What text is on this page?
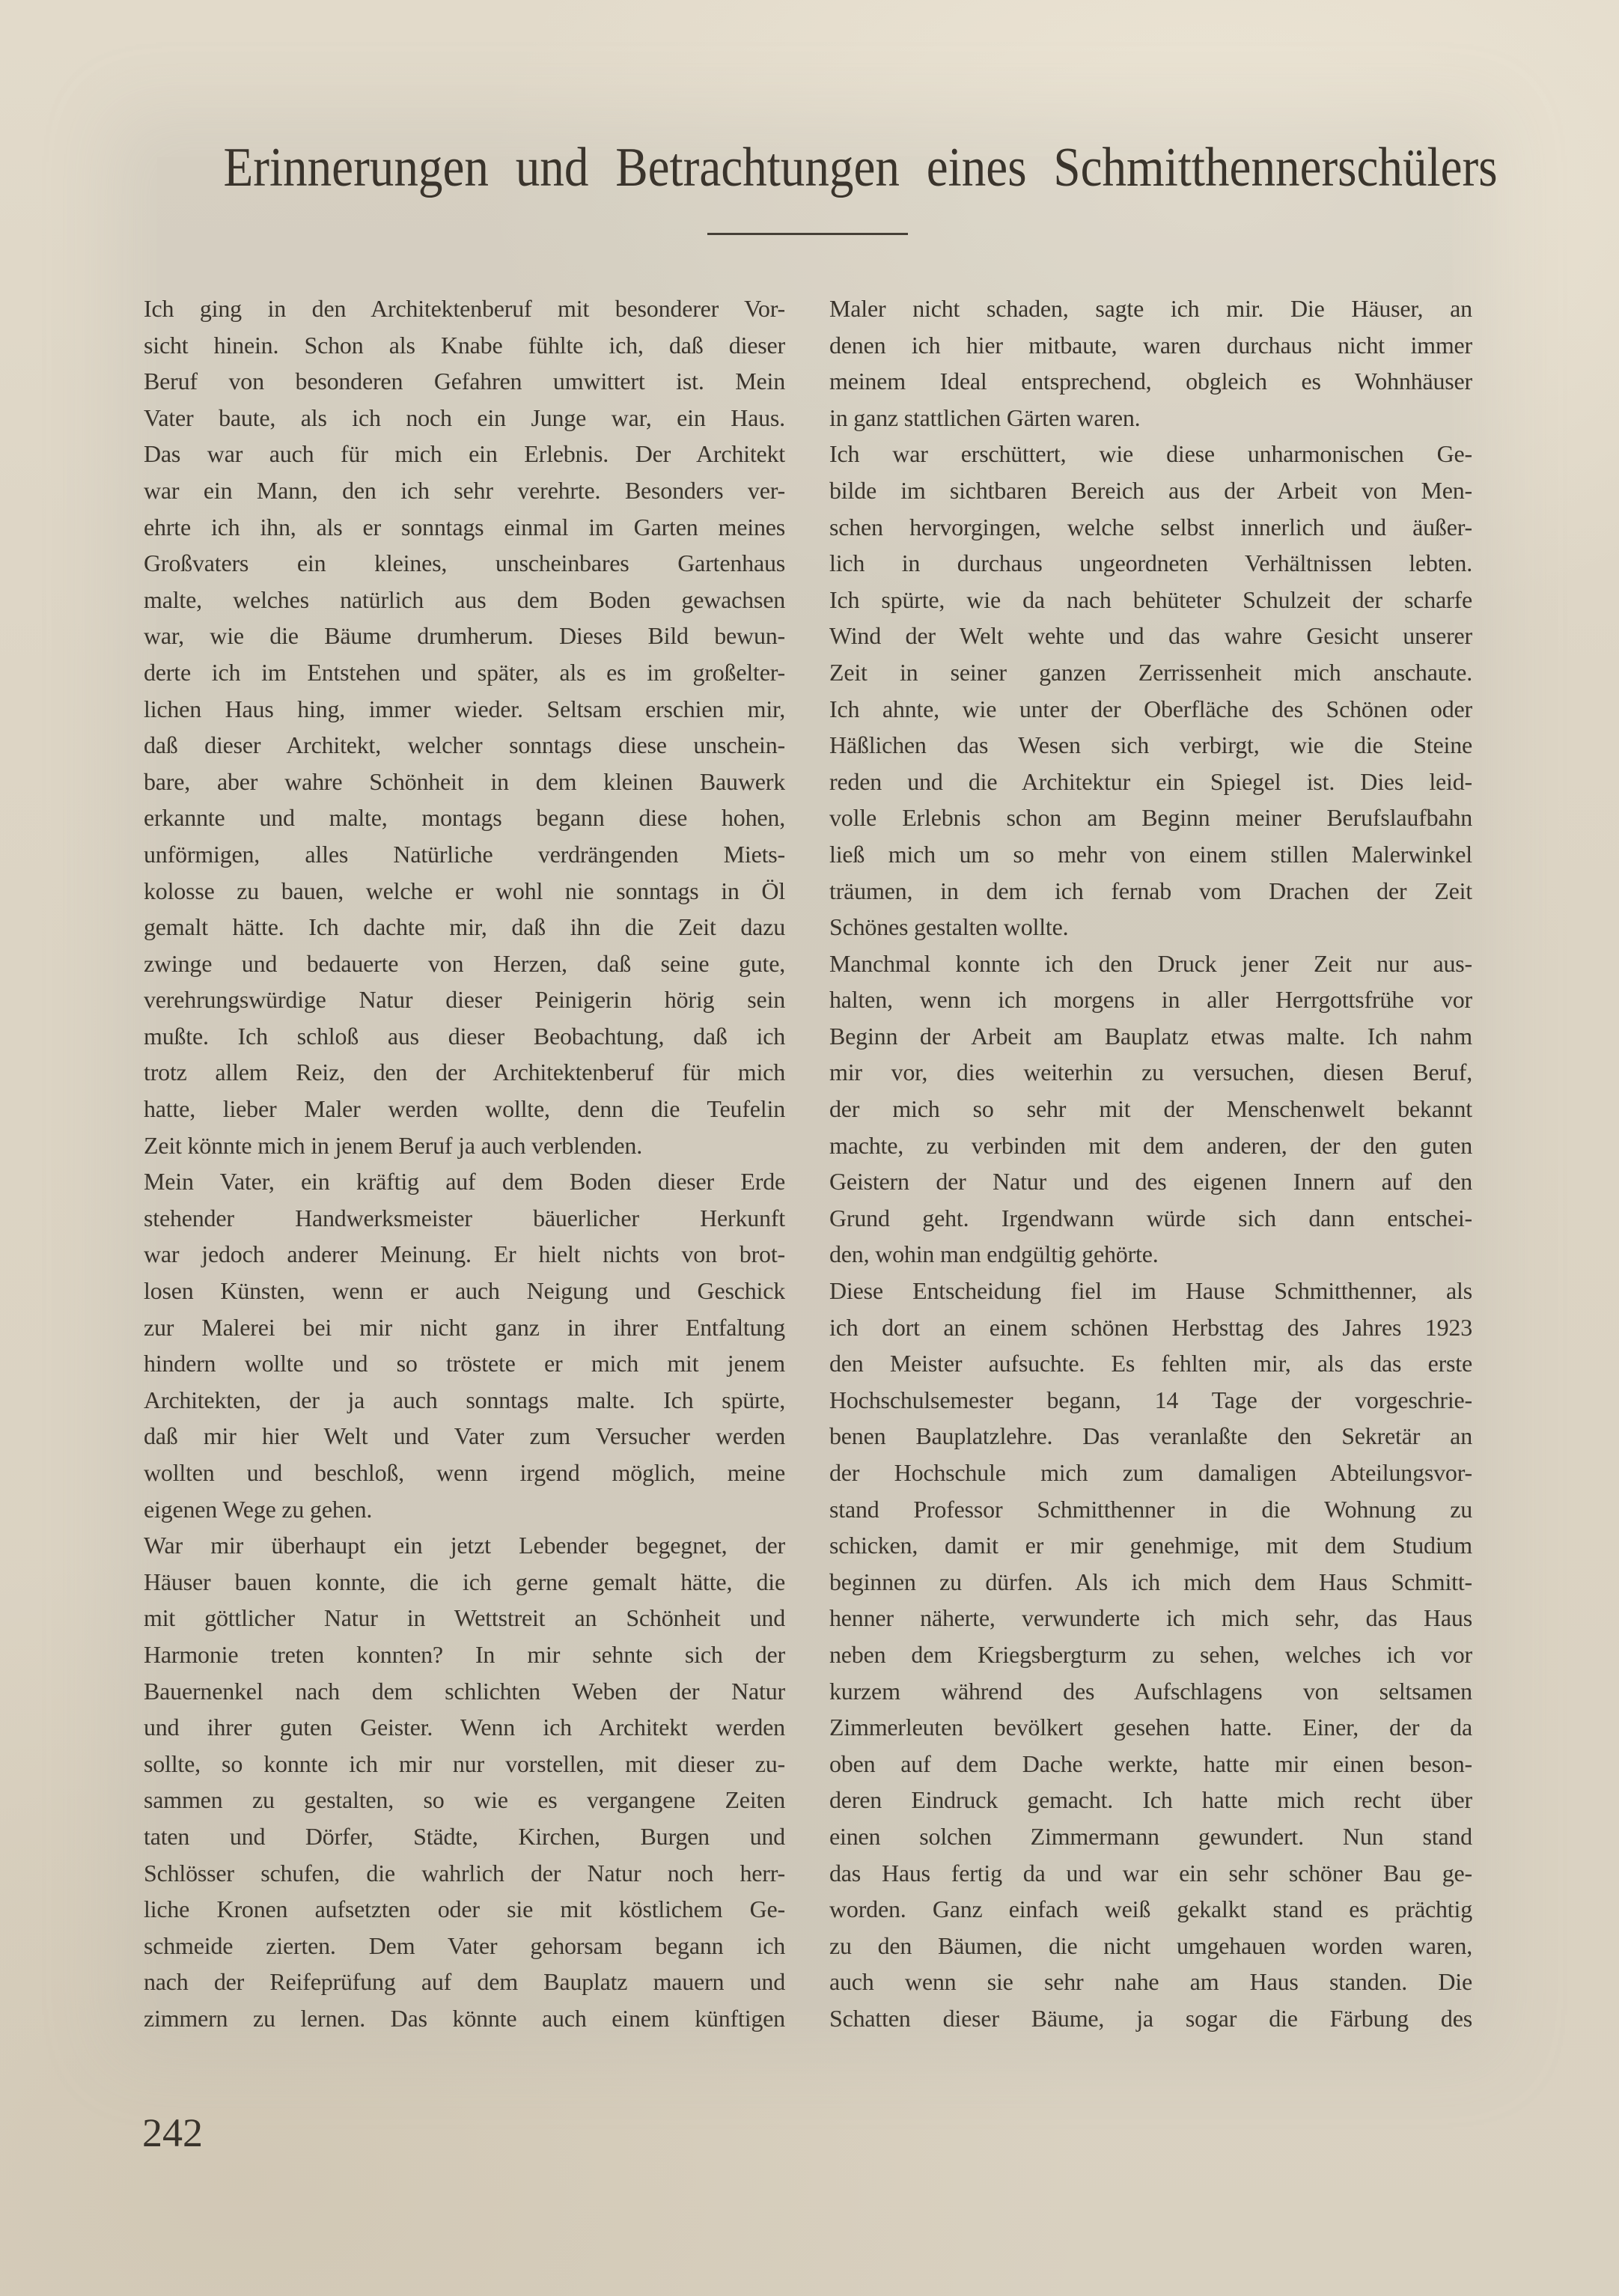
Erinnerungen und Betrachtungen eines Schmitthennerschülers
Ich ging in den Architektenberuf mit besonderer Vor-
sicht hinein. Schon als Knabe fühlte ich, daß dieser
Beruf von besonderen Gefahren umwittert ist. Mein
Vater baute, als ich noch ein Junge war, ein Haus.
Das war auch für mich ein Erlebnis. Der Architekt
war ein Mann, den ich sehr verehrte. Besonders ver-
ehrte ich ihn, als er sonntags einmal im Garten meines
Großvaters ein kleines, unscheinbares Gartenhaus
malte, welches natürlich aus dem Boden gewachsen
war, wie die Bäume drumherum. Dieses Bild bewun-
derte ich im Entstehen und später, als es im großelter-
lichen Haus hing, immer wieder. Seltsam erschien mir,
daß dieser Architekt, welcher sonntags diese unschein-
bare, aber wahre Schönheit in dem kleinen Bauwerk
erkannte und malte, montags begann diese hohen,
unförmigen, alles Natürliche verdrängenden Miets-
kolosse zu bauen, welche er wohl nie sonntags in Öl
gemalt hätte. Ich dachte mir, daß ihn die Zeit dazu
zwinge und bedauerte von Herzen, daß seine gute,
verehrungswürdige Natur dieser Peinigerin hörig sein
mußte. Ich schloß aus dieser Beobachtung, daß ich
trotz allem Reiz, den der Architektenberuf für mich
hatte, lieber Maler werden wollte, denn die Teufelin
Zeit könnte mich in jenem Beruf ja auch verblenden.
Mein Vater, ein kräftig auf dem Boden dieser Erde
stehender Handwerksmeister bäuerlicher Herkunft
war jedoch anderer Meinung. Er hielt nichts von brot-
losen Künsten, wenn er auch Neigung und Geschick
zur Malerei bei mir nicht ganz in ihrer Entfaltung
hindern wollte und so tröstete er mich mit jenem
Architekten, der ja auch sonntags malte. Ich spürte,
daß mir hier Welt und Vater zum Versucher werden
wollten und beschloß, wenn irgend möglich, meine
eigenen Wege zu gehen.
War mir überhaupt ein jetzt Lebender begegnet, der
Häuser bauen konnte, die ich gerne gemalt hätte, die
mit göttlicher Natur in Wettstreit an Schönheit und
Harmonie treten konnten? In mir sehnte sich der
Bauernenkel nach dem schlichten Weben der Natur
und ihrer guten Geister. Wenn ich Architekt werden
sollte, so konnte ich mir nur vorstellen, mit dieser zu-
sammen zu gestalten, so wie es vergangene Zeiten
taten und Dörfer, Städte, Kirchen, Burgen und
Schlösser schufen, die wahrlich der Natur noch herr-
liche Kronen aufsetzten oder sie mit köstlichem Ge-
schmeide zierten. Dem Vater gehorsam begann ich
nach der Reifeprüfung auf dem Bauplatz mauern und
zimmern zu lernen. Das könnte auch einem künftigen
Maler nicht schaden, sagte ich mir. Die Häuser, an
denen ich hier mitbaute, waren durchaus nicht immer
meinem Ideal entsprechend, obgleich es Wohnhäuser
in ganz stattlichen Gärten waren.
Ich war erschüttert, wie diese unharmonischen Ge-
bilde im sichtbaren Bereich aus der Arbeit von Men-
schen hervorgingen, welche selbst innerlich und äußer-
lich in durchaus ungeordneten Verhältnissen lebten.
Ich spürte, wie da nach behüteter Schulzeit der scharfe
Wind der Welt wehte und das wahre Gesicht unserer
Zeit in seiner ganzen Zerrissenheit mich anschaute.
Ich ahnte, wie unter der Oberfläche des Schönen oder
Häßlichen das Wesen sich verbirgt, wie die Steine
reden und die Architektur ein Spiegel ist. Dies leid-
volle Erlebnis schon am Beginn meiner Berufslaufbahn
ließ mich um so mehr von einem stillen Malerwinkel
träumen, in dem ich fernab vom Drachen der Zeit
Schönes gestalten wollte.
Manchmal konnte ich den Druck jener Zeit nur aus-
halten, wenn ich morgens in aller Herrgottsfrühe vor
Beginn der Arbeit am Bauplatz etwas malte. Ich nahm
mir vor, dies weiterhin zu versuchen, diesen Beruf,
der mich so sehr mit der Menschenwelt bekannt
machte, zu verbinden mit dem anderen, der den guten
Geistern der Natur und des eigenen Innern auf den
Grund geht. Irgendwann würde sich dann entschei-
den, wohin man endgültig gehörte.
Diese Entscheidung fiel im Hause Schmitthenner, als
ich dort an einem schönen Herbsttag des Jahres 1923
den Meister aufsuchte. Es fehlten mir, als das erste
Hochschulsemester begann, 14 Tage der vorgeschrie-
benen Bauplatzlehre. Das veranlaßte den Sekretär an
der Hochschule mich zum damaligen Abteilungsvor-
stand Professor Schmitthenner in die Wohnung zu
schicken, damit er mir genehmige, mit dem Studium
beginnen zu dürfen. Als ich mich dem Haus Schmitt-
henner näherte, verwunderte ich mich sehr, das Haus
neben dem Kriegsbergturm zu sehen, welches ich vor
kurzem während des Aufschlagens von seltsamen
Zimmerleuten bevölkert gesehen hatte. Einer, der da
oben auf dem Dache werkte, hatte mir einen beson-
deren Eindruck gemacht. Ich hatte mich recht über
einen solchen Zimmermann gewundert. Nun stand
das Haus fertig da und war ein sehr schöner Bau ge-
worden. Ganz einfach weiß gekalkt stand es prächtig
zu den Bäumen, die nicht umgehauen worden waren,
auch wenn sie sehr nahe am Haus standen. Die
Schatten dieser Bäume, ja sogar die Färbung des
242
